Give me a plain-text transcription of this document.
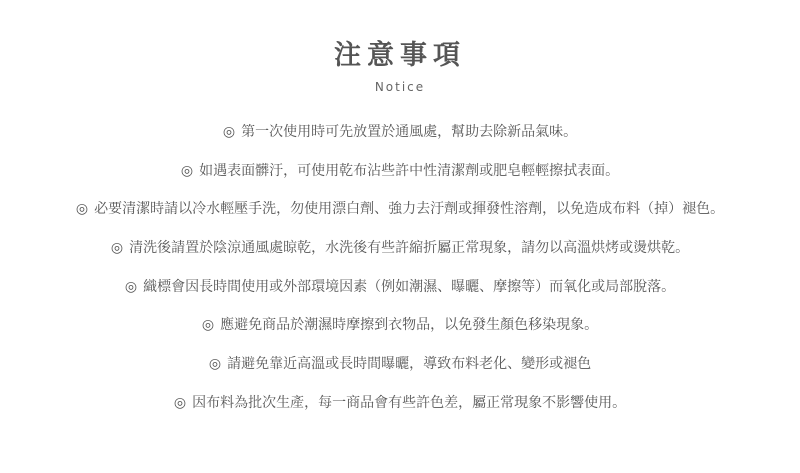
注意事項
Notice
◎ 第一次使用時可先放置於通風處，幫助去除新品氣味。
◎ 如遇表面髒汙，可使用乾布沾些許中性清潔劑或肥皂輕輕擦拭表面。
◎ 必要清潔時請以冷水輕壓手洗，勿使用漂白劑、強力去汙劑或揮發性溶劑，以免造成布料（掉）褪色。
◎ 清洗後請置於陰涼通風處晾乾，水洗後有些許縮折屬正常現象，請勿以高溫烘烤或燙烘乾。
◎ 織標會因長時間使用或外部環境因素（例如潮濕、曝曬、摩擦等）而氧化或局部脫落。
◎ 應避免商品於潮濕時摩擦到衣物品，以免發生顏色移染現象。
◎ 請避免靠近高溫或長時間曝曬，導致布料老化、變形或褪色
◎ 因布料為批次生產，每一商品會有些許色差，屬正常現象不影響使用。
